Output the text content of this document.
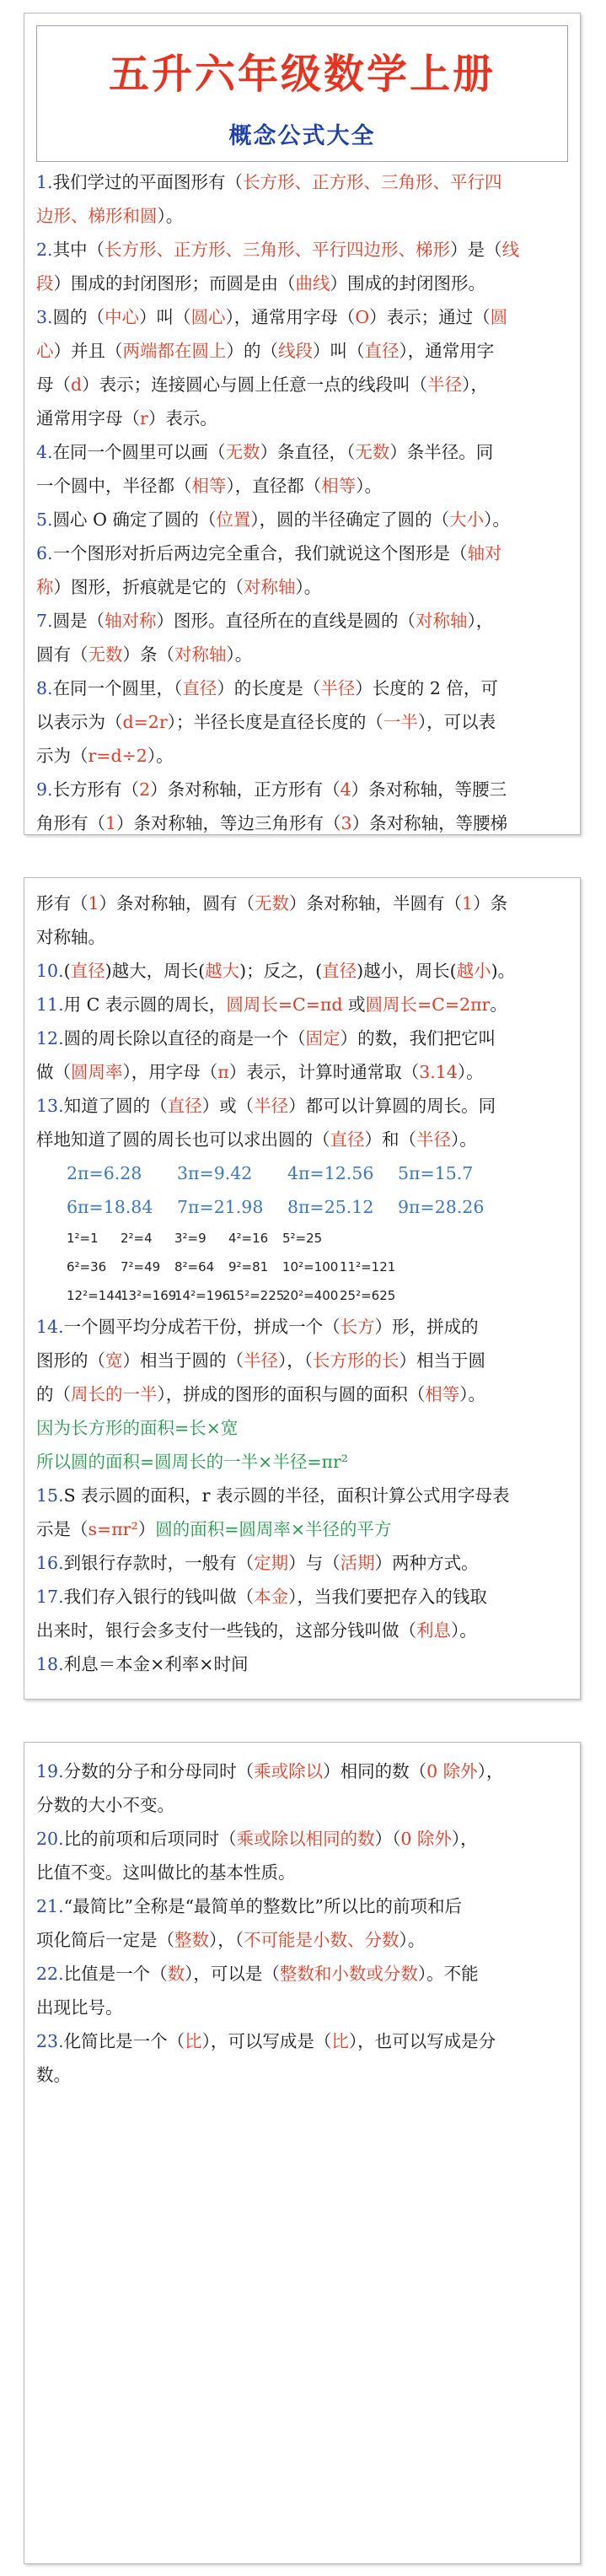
五升六年级数学上册
概念公式大全
1.我们学过的平面图形有（长方形、正方形、三角形、平行四
边形、梯形和圆）。
2.其中（长方形、正方形、三角形、平行四边形、梯形）是（线
段）围成的封闭图形；而圆是由（曲线）围成的封闭图形。
3.圆的（中心）叫（圆心），通常用字母（O）表示；通过（圆
心）并且（两端都在圆上）的（线段）叫（直径），通常用字
母（d）表示；连接圆心与圆上任意一点的线段叫（半径），
通常用字母（r）表示。
4.在同一个圆里可以画（无数）条直径，（无数）条半径。同
一个圆中，半径都（相等），直径都（相等）。
5.圆心 O 确定了圆的（位置），圆的半径确定了圆的（大小）。
6.一个图形对折后两边完全重合，我们就说这个图形是（轴对
称）图形，折痕就是它的（对称轴）。
7.圆是（轴对称）图形。直径所在的直线是圆的（对称轴），
圆有（无数）条（对称轴）。
8.在同一个圆里，（直径）的长度是（半径）长度的 2 倍，可
以表示为（d=2r）；半径长度是直径长度的（一半），可以表
示为（r=d÷2）。
9.长方形有（2）条对称轴，正方形有（4）条对称轴，等腰三
角形有（1）条对称轴，等边三角形有（3）条对称轴，等腰梯
形有（1）条对称轴，圆有（无数）条对称轴，半圆有（1）条
对称轴。
10.(直径)越大，周长(越大)；反之，(直径)越小，周长(越小)。
11.用 C 表示圆的周长，圆周长=C=πd 或圆周长=C=2πr。
12.圆的周长除以直径的商是一个（固定）的数，我们把它叫
做（圆周率），用字母（π）表示，计算时通常取（3.14）。
13.知道了圆的（直径）或（半径）都可以计算圆的周长。同
样地知道了圆的周长也可以求出圆的（直径）和（半径）。
2π=6.28 3π=9.42 4π=12.56 5π=15.7
6π=18.84 7π=21.98 8π=25.12 9π=28.26
1²=1 2²=4 3²=9 4²=16 5²=25
6²=36 7²=49 8²=64 9²=81 10²=100 11²=121
12²=14413²=16914²=19615²=22520²=400 25²=625
14.一个圆平均分成若干份，拼成一个（长方）形，拼成的
图形的（宽）相当于圆的（半径），（长方形的长）相当于圆
的（周长的一半），拼成的图形的面积与圆的面积（相等）。
因为长方形的面积=长×宽
所以圆的面积=圆周长的一半×半径=πr²
15.S 表示圆的面积，r 表示圆的半径，面积计算公式用字母表
示是（s=πr²）圆的面积=圆周率×半径的平方
16.到银行存款时，一般有（定期）与（活期）两种方式。
17.我们存入银行的钱叫做（本金），当我们要把存入的钱取
出来时，银行会多支付一些钱的，这部分钱叫做（利息）。
18.利息＝本金×利率×时间
19.分数的分子和分母同时（乘或除以）相同的数（0 除外），
分数的大小不变。
20.比的前项和后项同时（乘或除以相同的数）（0 除外），
比值不变。这叫做比的基本性质。
21.“最简比”全称是“最简单的整数比”所以比的前项和后
项化简后一定是（整数），（不可能是小数、分数）。
22.比值是一个（数），可以是（整数和小数或分数）。不能
出现比号。
23.化简比是一个（比），可以写成是（比），也可以写成是分
数。
